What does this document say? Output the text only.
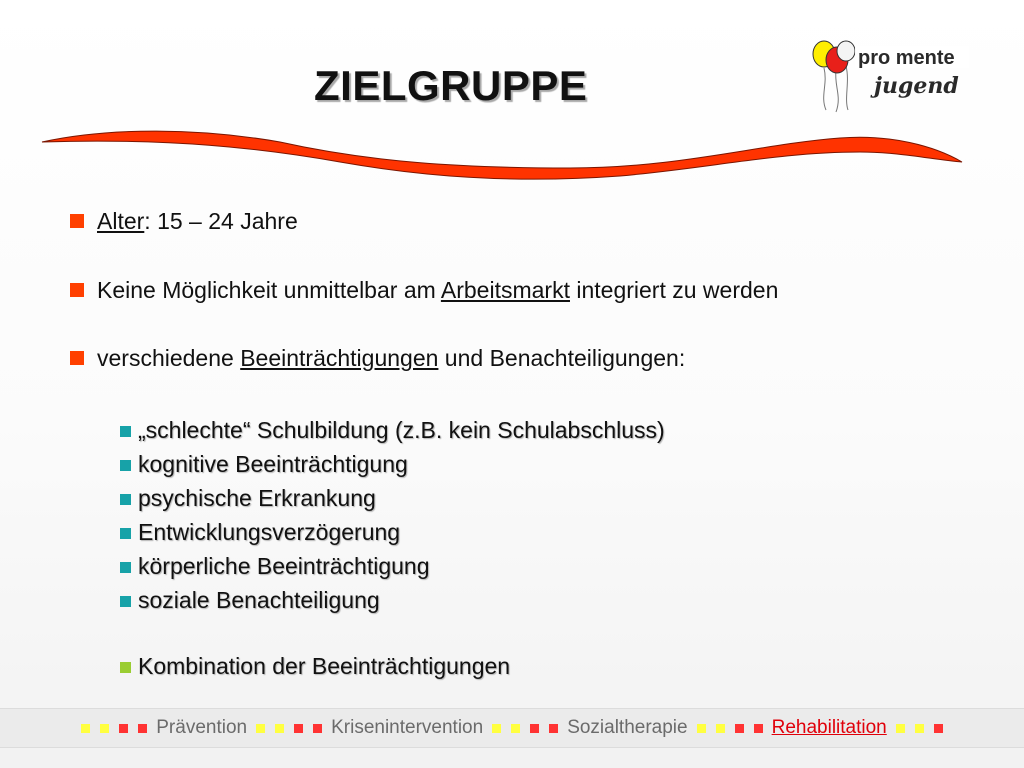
ZIELGRUPPE
pro mente
jugend
Alter: 15 – 24 Jahre
Keine Möglichkeit unmittelbar am Arbeitsmarkt integriert zu werden
verschiedene Beeinträchtigungen und Benachteiligungen:
„schlechte“ Schulbildung (z.B. kein Schulabschluss)
kognitive Beeinträchtigung
psychische Erkrankung
Entwicklungsverzögerung
körperliche Beeinträchtigung
soziale Benachteiligung
Kombination der Beeinträchtigungen
Prävention	Krisenintervention	Sozialtherapie	Rehabilitation
